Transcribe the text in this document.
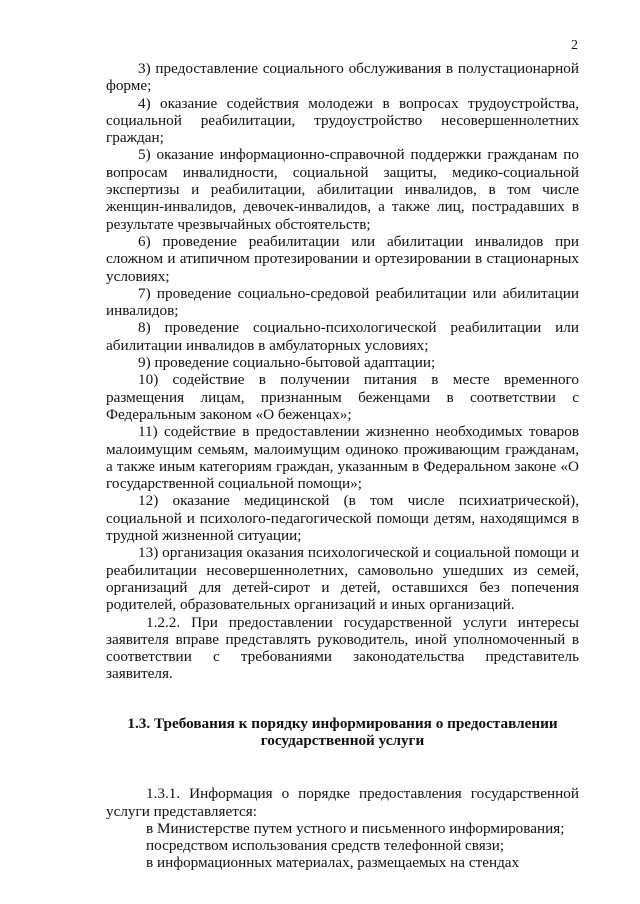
2

3) предоставление социального обслуживания в полустационарной форме;

4) оказание содействия молодежи в вопросах трудоустройства, социальной реабилитации, трудоустройство несовершеннолетних граждан;

5) оказание информационно-справочной поддержки гражданам по вопросам инвалидности, социальной защиты, медико-социальной экспертизы и реабилитации, абилитации инвалидов, в том числе женщин-инвалидов, девочек-инвалидов, а также лиц, пострадавших в результате чрезвычайных обстоятельств;

6) проведение реабилитации или абилитации инвалидов при сложном и атипичном протезировании и ортезировании в стационарных условиях;

7) проведение социально-средовой реабилитации или абилитации инвалидов;

8) проведение социально-психологической реабилитации или абилитации инвалидов в амбулаторных условиях;

9) проведение социально-бытовой адаптации;

10) содействие в получении питания в месте временного размещения лицам, признанным беженцами в соответствии с Федеральным законом «О беженцах»;

11) содействие в предоставлении жизненно необходимых товаров малоимущим семьям, малоимущим одиноко проживающим гражданам, а также иным категориям граждан, указанным в Федеральном законе «О государственной социальной помощи»;

12) оказание медицинской (в том числе психиатрической), социальной и психолого-педагогической помощи детям, находящимся в трудной жизненной ситуации;

13) организация оказания психологической и социальной помощи и реабилитации несовершеннолетних, самовольно ушедших из семей, организаций для детей-сирот и детей, оставшихся без попечения родителей, образовательных организаций и иных организаций.

1.2.2. При предоставлении государственной услуги интересы заявителя вправе представлять руководитель, иной уполномоченный в соответствии с требованиями законодательства представитель заявителя.

1.3. Требования к порядку информирования о предоставлении
государственной услуги

1.3.1. Информация о порядке предоставления государственной услуги представляется:

в Министерстве путем устного и письменного информирования;

посредством использования средств телефонной связи;

в информационных материалах, размещаемых на стендах
